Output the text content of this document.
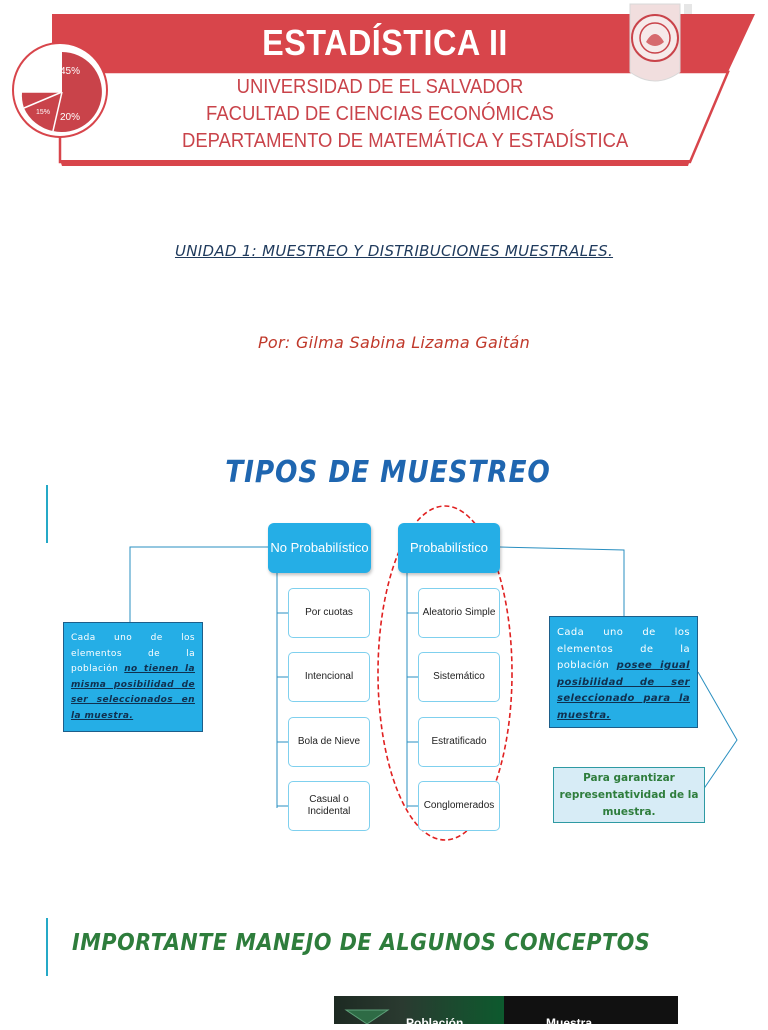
45%
15% 20%
ESTADÍSTICA II
UNIVERSIDAD DE EL SALVADOR
FACULTAD DE CIENCIAS ECONÓMICAS
DEPARTAMENTO DE MATEMÁTICA Y ESTADÍSTICA
UNIDAD 1: MUESTREO Y DISTRIBUCIONES MUESTRALES.
Por: Gilma Sabina Lizama Gaitán
TIPOS DE MUESTREO
No Probabilístico	Probabilístico
Por cuotas
Intencional
Bola de Nieve
Casual o Incidental
Aleatorio Simple
Sistemático
Estratificado
Conglomerados
Cada uno de los elementos de la población no tienen la misma posibilidad de ser seleccionados en la muestra.
Cada uno de los elementos de la población posee igual posibilidad de ser seleccionado para la muestra.
Para garantizar representatividad de la muestra.
IMPORTANTE MANEJO DE ALGUNOS CONCEPTOS
Población	Muestra
